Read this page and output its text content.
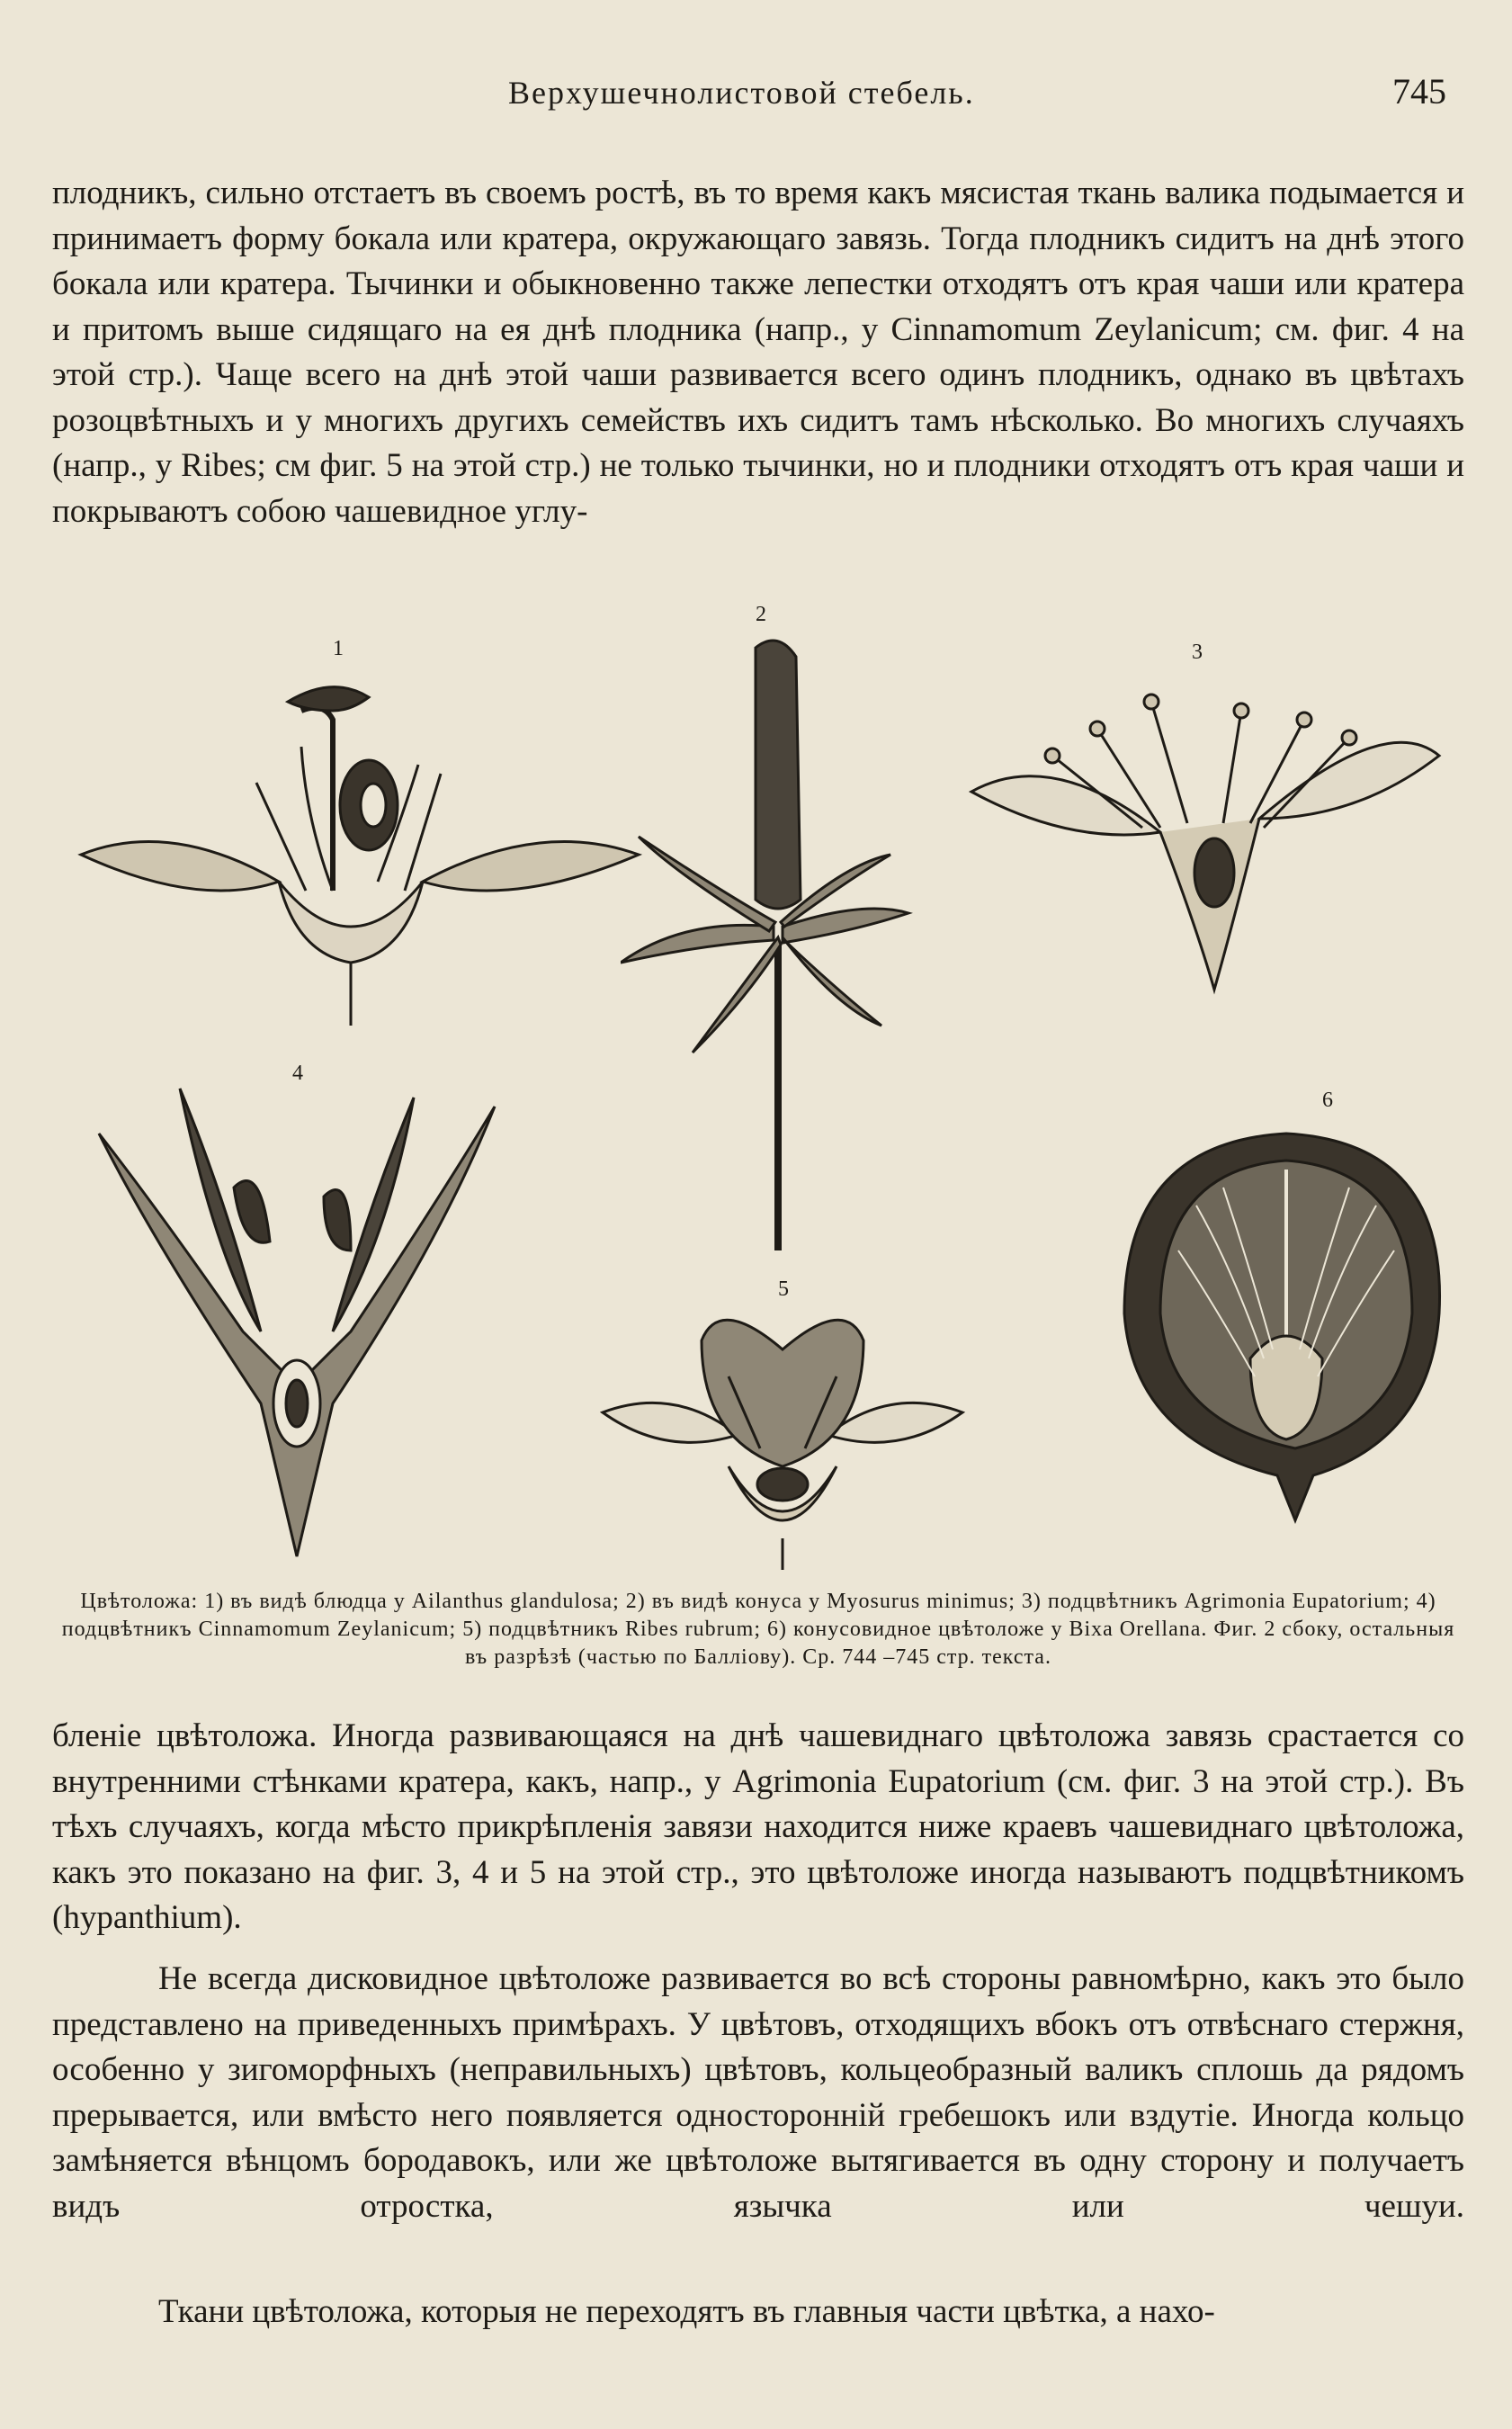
Верхушечнолистовой стебель.	745
плодникъ, сильно отстаетъ въ своемъ ростѣ, въ то время какъ мясистая ткань валика подымается и принимаетъ форму бокала или кратера, окружающаго завязь. Тогда плодникъ сидитъ на днѣ этого бокала или кратера. Тычинки и обыкновенно также лепестки отходятъ отъ края чаши или кратера и притомъ выше сидящаго на ея днѣ плодника (напр., у Cinnamomum Zeylanicum; см. фиг. 4 на этой стр.). Чаще всего на днѣ этой чаши развивается всего одинъ плодникъ, однако въ цвѣтахъ розоцвѣтныхъ и у многихъ другихъ семействъ ихъ сидитъ тамъ нѣсколько. Во многихъ случаяхъ (напр., у Ribes; см фиг. 5 на этой стр.) не только тычинки, но и плодники отходятъ отъ края чаши и покрываютъ собою чашевидное углу-
1
2
3
4
5
6
Цвѣтоложа: 1) въ видѣ блюдца у Ailanthus glandulosa; 2) въ видѣ конуса у Myosurus minimus; 3) подцвѣтникъ Agrimonia Eupatorium; 4) подцвѣтникъ Cinnamomum Zeylanicum; 5) подцвѣтникъ Ribes rubrum; 6) конусовидное цвѣтоложе у Bixa Orellana. Фиг. 2 сбоку, остальныя въ разрѣзѣ (частью по Балліову). Ср. 744 –745 стр. текста.
бленіе цвѣтоложа. Иногда развивающаяся на днѣ чашевиднаго цвѣтоложа завязь срастается со внутренними стѣнками кратера, какъ, напр., у Agrimonia Eupatorium (см. фиг. 3 на этой стр.). Въ тѣхъ случаяхъ, когда мѣсто прикрѣпленія завязи находится ниже краевъ чашевиднаго цвѣтоложа, какъ это показано на фиг. 3, 4 и 5 на этой стр., это цвѣтоложе иногда называютъ подцвѣтникомъ (hypanthium).
Не всегда дисковидное цвѣтоложе развивается во всѣ стороны равномѣрно, какъ это было представлено на приведенныхъ примѣрахъ. У цвѣтовъ, отходящихъ вбокъ отъ отвѣснаго стержня, особенно у зигоморфныхъ (неправильныхъ) цвѣтовъ, кольцеобразный валикъ сплошь да рядомъ прерывается, или вмѣсто него появляется односторонній гребешокъ или вздутіе. Иногда кольцо замѣняется вѣнцомъ бородавокъ, или же цвѣтоложе вытягивается въ одну сторону и получаетъ видъ отростка, язычка или чешуи.
Ткани цвѣтоложа, которыя не переходятъ въ главныя части цвѣтка, а нахо-
